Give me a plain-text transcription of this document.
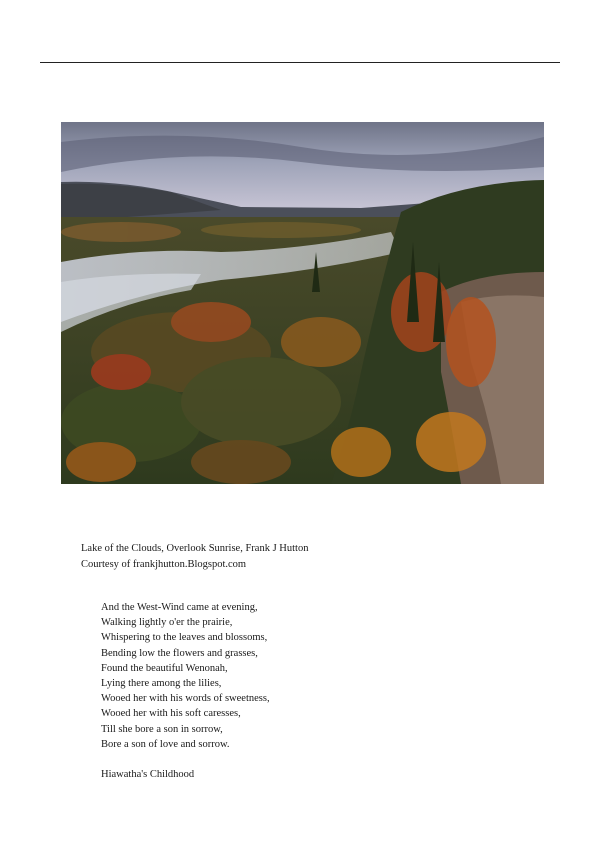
Lake of the Clouds, Overlook Sunrise, Frank J Hutton
Courtesy of frankjhutton.Blogspot.com
And the West-Wind came at evening,
Walking lightly o'er the prairie,
Whispering to the leaves and blossoms,
Bending low the flowers and grasses,
Found the beautiful Wenonah,
Lying there among the lilies,
Wooed her with his words of sweetness,
Wooed her with his soft caresses,
Till she bore a son in sorrow,
Bore a son of love and sorrow.
Hiawatha's Childhood
